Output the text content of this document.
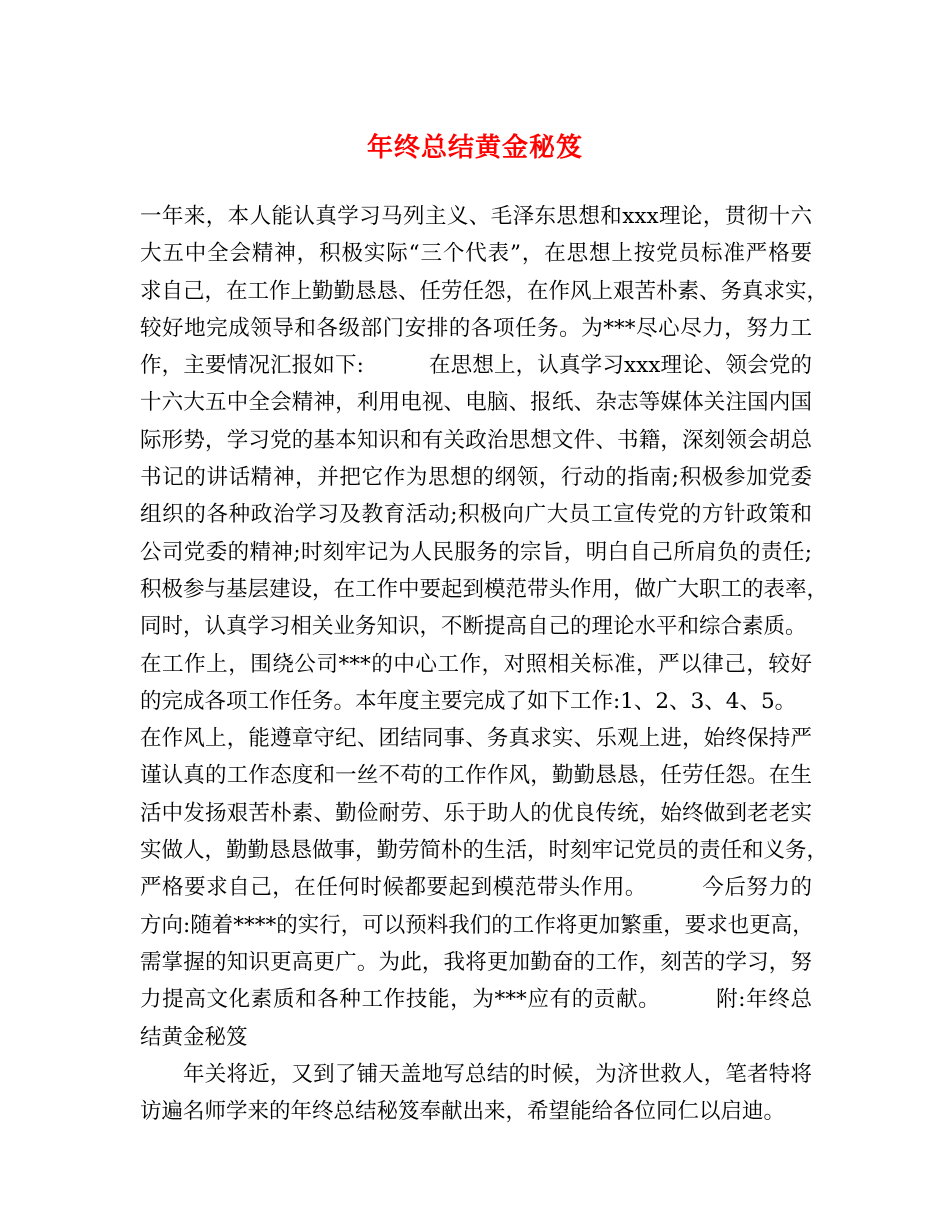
年终总结黄金秘笈
一年来，本人能认真学习马列主义、毛泽东思想和xxx理论，贯彻十六
大五中全会精神，积极实际“三个代表”，在思想上按党员标准严格要
求自己，在工作上勤勤恳恳、任劳任怨，在作风上艰苦朴素、务真求实，
较好地完成领导和各级部门安排的各项任务。为***尽心尽力，努力工
作，主要情况汇报如下:　　　在思想上，认真学习xxx理论、领会党的
十六大五中全会精神，利用电视、电脑、报纸、杂志等媒体关注国内国
际形势，学习党的基本知识和有关政治思想文件、书籍，深刻领会胡总
书记的讲话精神，并把它作为思想的纲领，行动的指南;积极参加党委
组织的各种政治学习及教育活动;积极向广大员工宣传党的方针政策和
公司党委的精神;时刻牢记为人民服务的宗旨，明白自己所肩负的责任;
积极参与基层建设，在工作中要起到模范带头作用，做广大职工的表率，
同时，认真学习相关业务知识，不断提高自己的理论水平和综合素质。
在工作上，围绕公司***的中心工作，对照相关标准，严以律己，较好
的完成各项工作任务。本年度主要完成了如下工作:1、2、3、4、5。
在作风上，能遵章守纪、团结同事、务真求实、乐观上进，始终保持严
谨认真的工作态度和一丝不苟的工作作风，勤勤恳恳，任劳任怨。在生
活中发扬艰苦朴素、勤俭耐劳、乐于助人的优良传统，始终做到老老实
实做人，勤勤恳恳做事，勤劳简朴的生活，时刻牢记党员的责任和义务，
严格要求自己，在任何时候都要起到模范带头作用。　　　今后努力的
方向:随着****的实行，可以预料我们的工作将更加繁重，要求也更高，
需掌握的知识更高更广。为此，我将更加勤奋的工作，刻苦的学习，努
力提高文化素质和各种工作技能，为***应有的贡献。　　　附:年终总
结黄金秘笈
年关将近，又到了铺天盖地写总结的时候，为济世救人，笔者特将
访遍名师学来的年终总结秘笈奉献出来，希望能给各位同仁以启迪。
